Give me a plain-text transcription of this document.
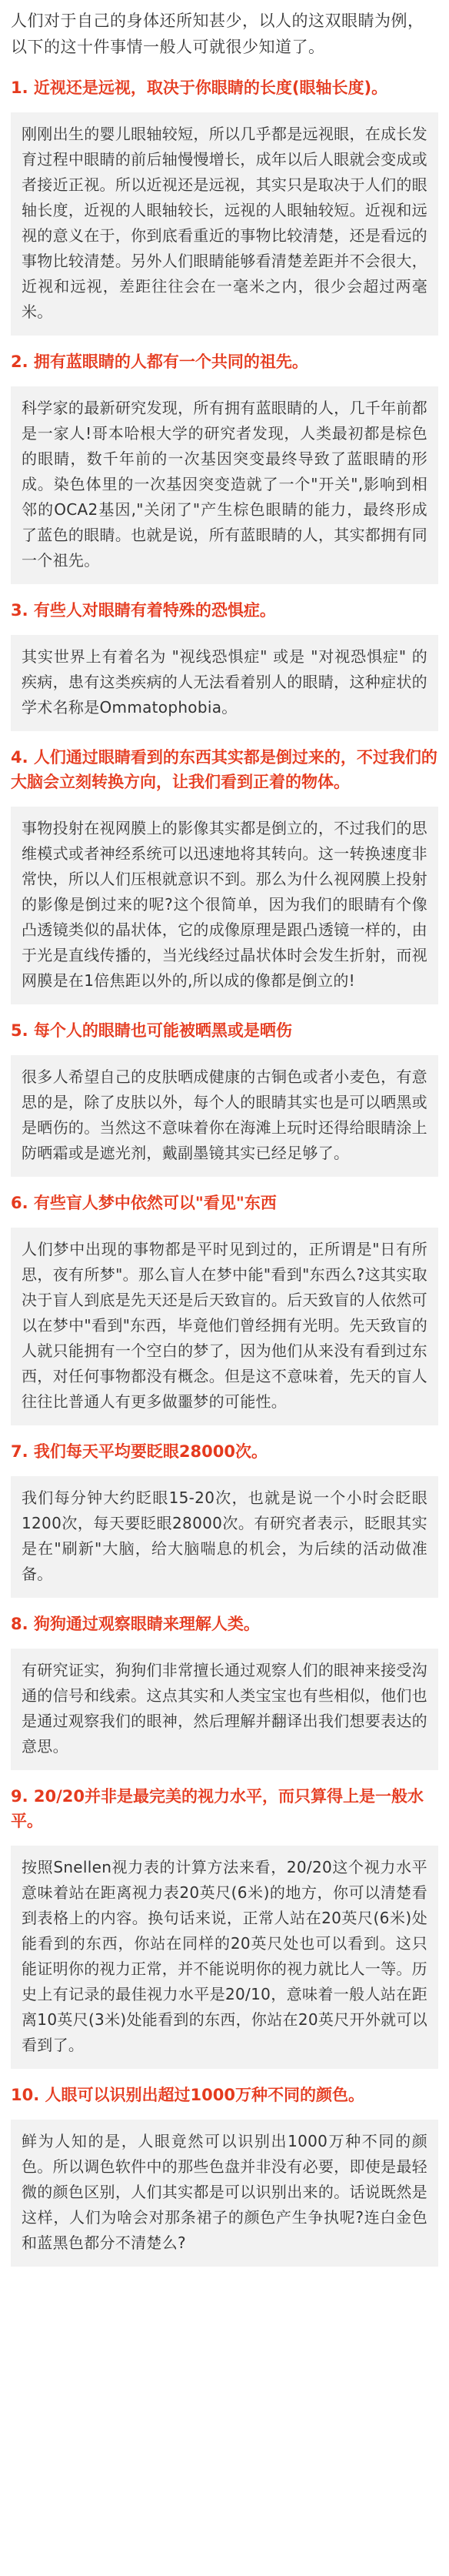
人们对于自己的身体还所知甚少，以人的这双眼睛为例，以下的这十件事情一般人可就很少知道了。

1. 近视还是远视，取决于你眼睛的长度(眼轴长度)。
刚刚出生的婴儿眼轴较短，所以几乎都是远视眼，在成长发育过程中眼睛的前后轴慢慢增长，成年以后人眼就会变成或者接近正视。所以近视还是远视，其实只是取决于人们的眼轴长度，近视的人眼轴较长，远视的人眼轴较短。近视和远视的意义在于，你到底看重近的事物比较清楚，还是看远的事物比较清楚。另外人们眼睛能够看清楚差距并不会很大，近视和远视，差距往往会在一毫米之内，很少会超过两毫米。
2. 拥有蓝眼睛的人都有一个共同的祖先。
科学家的最新研究发现，所有拥有蓝眼睛的人，几千年前都是一家人!哥本哈根大学的研究者发现，人类最初都是棕色的眼睛，数千年前的一次基因突变最终导致了蓝眼睛的形成。染色体里的一次基因突变造就了一个"开关",影响到相邻的OCA2基因,"关闭了"产生棕色眼睛的能力，最终形成了蓝色的眼睛。也就是说，所有蓝眼睛的人，其实都拥有同一个祖先。
3. 有些人对眼睛有着特殊的恐惧症。
其实世界上有着名为 "视线恐惧症" 或是 "对视恐惧症" 的疾病，患有这类疾病的人无法看着别人的眼睛，这种症状的学术名称是Ommatophobia。
4. 人们通过眼睛看到的东西其实都是倒过来的，不过我们的大脑会立刻转换方向，让我们看到正着的物体。
事物投射在视网膜上的影像其实都是倒立的，不过我们的思维模式或者神经系统可以迅速地将其转向。这一转换速度非常快，所以人们压根就意识不到。那么为什么视网膜上投射的影像是倒过来的呢?这个很简单，因为我们的眼睛有个像凸透镜类似的晶状体，它的成像原理是跟凸透镜一样的，由于光是直线传播的，当光线经过晶状体时会发生折射，而视网膜是在1倍焦距以外的,所以成的像都是倒立的!
5. 每个人的眼睛也可能被晒黑或是晒伤
很多人希望自己的皮肤晒成健康的古铜色或者小麦色，有意思的是，除了皮肤以外，每个人的眼睛其实也是可以晒黑或是晒伤的。当然这不意味着你在海滩上玩时还得给眼睛涂上防晒霜或是遮光剂，戴副墨镜其实已经足够了。
6. 有些盲人梦中依然可以"看见"东西
人们梦中出现的事物都是平时见到过的，正所谓是"日有所思，夜有所梦"。那么盲人在梦中能"看到"东西么?这其实取决于盲人到底是先天还是后天致盲的。后天致盲的人依然可以在梦中"看到"东西，毕竟他们曾经拥有光明。先天致盲的人就只能拥有一个空白的梦了，因为他们从来没有看到过东西，对任何事物都没有概念。但是这不意味着，先天的盲人往往比普通人有更多做噩梦的可能性。
7. 我们每天平均要眨眼28000次。
我们每分钟大约眨眼15-20次，也就是说一个小时会眨眼1200次，每天要眨眼28000次。有研究者表示，眨眼其实是在"刷新"大脑，给大脑喘息的机会，为后续的活动做准备。
8. 狗狗通过观察眼睛来理解人类。
有研究证实，狗狗们非常擅长通过观察人们的眼神来接受沟通的信号和线索。这点其实和人类宝宝也有些相似，他们也是通过观察我们的眼神，然后理解并翻译出我们想要表达的意思。
9. 20/20并非是最完美的视力水平，而只算得上是一般水平。
按照Snellen视力表的计算方法来看，20/20这个视力水平意味着站在距离视力表20英尺(6米)的地方，你可以清楚看到表格上的内容。换句话来说，正常人站在20英尺(6米)处能看到的东西，你站在同样的20英尺处也可以看到。这只能证明你的视力正常，并不能说明你的视力就比人一等。历史上有记录的最佳视力水平是20/10，意味着一般人站在距离10英尺(3米)处能看到的东西，你站在20英尺开外就可以看到了。
10. 人眼可以识别出超过1000万种不同的颜色。
鲜为人知的是，人眼竟然可以识别出1000万种不同的颜色。所以调色软件中的那些色盘并非没有必要，即使是最轻微的颜色区别，人们其实都是可以识别出来的。话说既然是这样，人们为啥会对那条裙子的颜色产生争执呢?连白金色和蓝黑色都分不清楚么?
